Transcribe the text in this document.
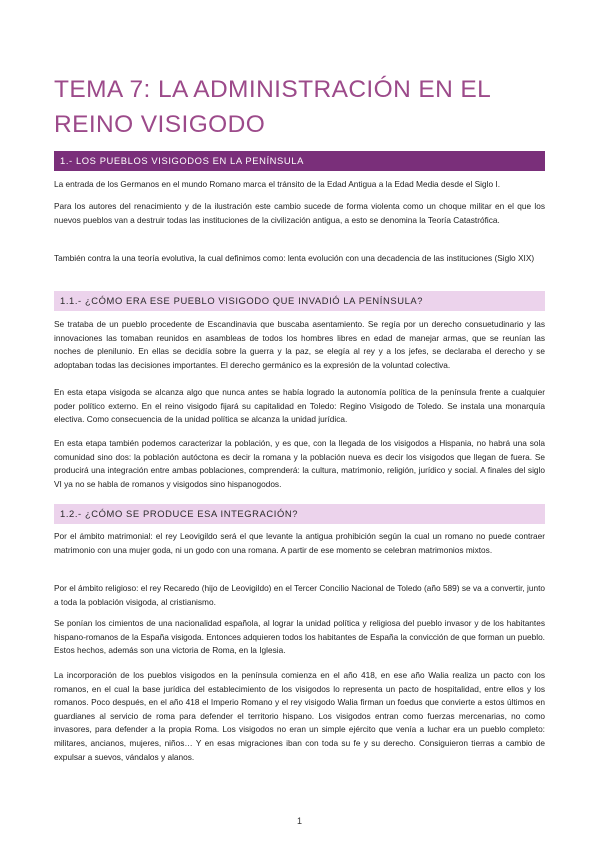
TEMA 7: LA ADMINISTRACIÓN EN EL REINO VISIGODO
1.- LOS PUEBLOS VISIGODOS EN LA PENÍNSULA

La entrada de los Germanos en el mundo Romano marca el tránsito de la Edad Antigua a la Edad Media desde el Siglo I.

Para los autores del renacimiento y de la ilustración este cambio sucede de forma violenta como un choque militar en el que los nuevos pueblos van a destruir todas las instituciones de la civilización antigua, a esto se denomina la Teoría Catastrófica.

También contra la una teoría evolutiva, la cual definimos como: lenta evolución con una decadencia de las instituciones (Siglo XIX)

1.1.- ¿CÓMO ERA ESE PUEBLO VISIGODO QUE INVADIÓ LA PENÍNSULA?

Se trataba de un pueblo procedente de Escandinavia que buscaba asentamiento. Se regía por un derecho consuetudinario y las innovaciones las tomaban reunidos en asambleas de todos los hombres libres en edad de manejar armas, que se reunían las noches de plenilunio. En ellas se decidía sobre la guerra y la paz, se elegía al rey y a los jefes, se declaraba el derecho y se adoptaban todas las decisiones importantes. El derecho germánico es la expresión de la voluntad colectiva.

En esta etapa visigoda se alcanza algo que nunca antes se había logrado la autonomía política de la península frente a cualquier poder político externo. En el reino visigodo fijará su capitalidad en Toledo: Regino Visigodo de Toledo. Se instala una monarquía electiva. Como consecuencia de la unidad política se alcanza la unidad jurídica.

En esta etapa también podemos caracterizar la población, y es que, con la llegada de los visigodos a Hispania, no habrá una sola comunidad sino dos: la población autóctona es decir la romana y la población nueva es decir los visigodos que llegan de fuera. Se producirá una integración entre ambas poblaciones, comprenderá: la cultura, matrimonio, religión, jurídico y social. A finales del siglo VI ya no se habla de romanos y visigodos sino hispanogodos.

1.2.- ¿CÓMO SE PRODUCE ESA INTEGRACIÓN?

Por el ámbito matrimonial: el rey Leovigildo será el que levante la antigua prohibición según la cual un romano no puede contraer matrimonio con una mujer goda, ni un godo con una romana. A partir de ese momento se celebran matrimonios mixtos.

Por el ámbito religioso: el rey Recaredo (hijo de Leovigildo) en el Tercer Concilio Nacional de Toledo (año 589) se va a convertir, junto a toda la población visigoda, al cristianismo.

Se ponían los cimientos de una nacionalidad española, al lograr la unidad política y religiosa del pueblo invasor y de los habitantes hispano-romanos de la España visigoda. Entonces adquieren todos los habitantes de España la convicción de que forman un pueblo. Estos hechos, además son una victoria de Roma, en la Iglesia.

La incorporación de los pueblos visigodos en la península comienza en el año 418, en ese año Walia realiza un pacto con los romanos, en el cual la base jurídica del establecimiento de los visigodos lo representa un pacto de hospitalidad, entre ellos y los romanos. Poco después, en el año 418 el Imperio Romano y el rey visigodo Walia firman un foedus que convierte a estos últimos en guardianes al servicio de roma para defender el territorio hispano. Los visigodos entran como fuerzas mercenarias, no como invasores, para defender a la propia Roma. Los visigodos no eran un simple ejército que venía a luchar era un pueblo completo: militares, ancianos, mujeres, niños… Y en esas migraciones iban con toda su fe y su derecho. Consiguieron tierras a cambio de expulsar a suevos, vándalos y alanos.

1
